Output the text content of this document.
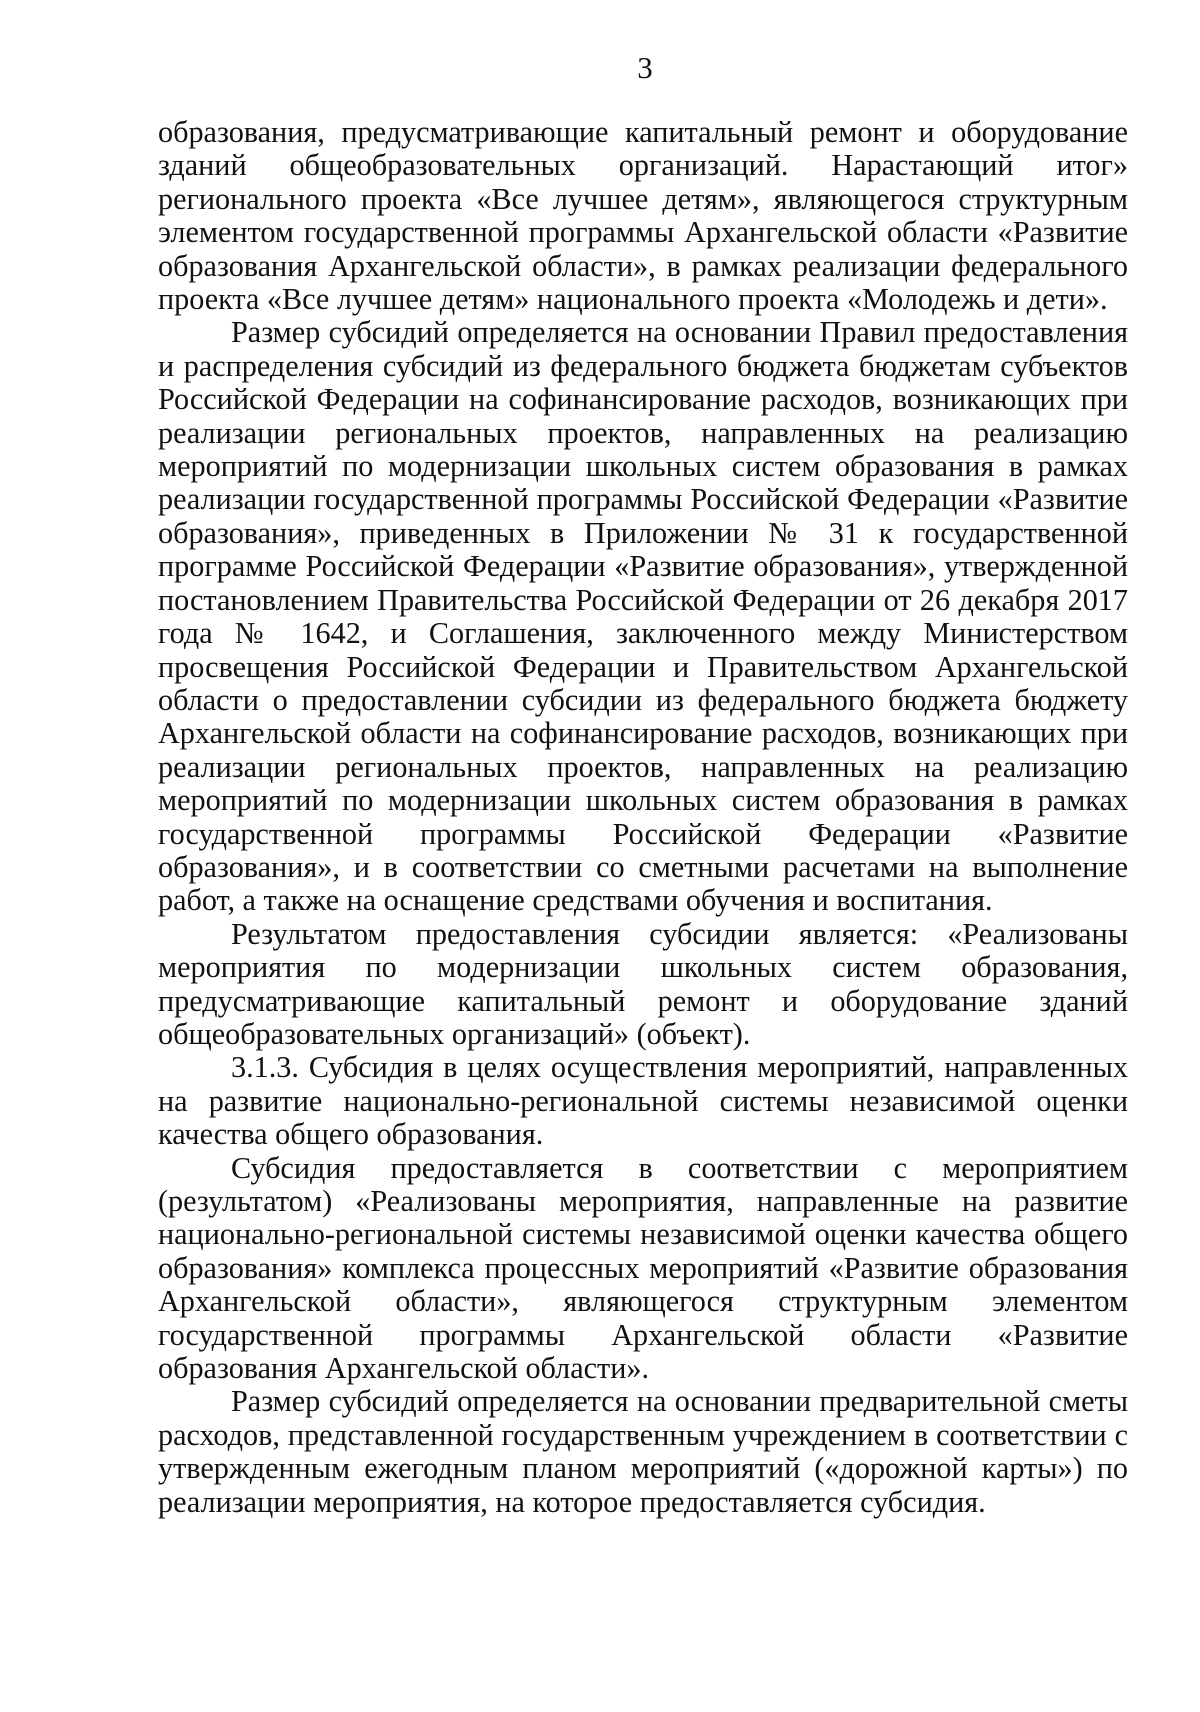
3

образования, предусматривающие капитальный ремонт и оборудование зданий общеобразовательных организаций. Нарастающий итог» регионального проекта «Все лучшее детям», являющегося структурным элементом государственной программы Архангельской области «Развитие образования Архангельской области», в рамках реализации федерального проекта «Все лучшее детям» национального проекта «Молодежь и дети».

Размер субсидий определяется на основании Правил предоставления и распределения субсидий из федерального бюджета бюджетам субъектов Российской Федерации на софинансирование расходов, возникающих при реализации региональных проектов, направленных на реализацию мероприятий по модернизации школьных систем образования в рамках реализации государственной программы Российской Федерации «Развитие образования», приведенных в Приложении № 31 к государственной программе Российской Федерации «Развитие образования», утвержденной постановлением Правительства Российской Федерации от 26 декабря 2017 года № 1642, и Соглашения, заключенного между Министерством просвещения Российской Федерации и Правительством Архангельской области о предоставлении субсидии из федерального бюджета бюджету Архангельской области на софинансирование расходов, возникающих при реализации региональных проектов, направленных на реализацию мероприятий по модернизации школьных систем образования в рамках государственной программы Российской Федерации «Развитие образования», и в соответствии со сметными расчетами на выполнение работ, а также на оснащение средствами обучения и воспитания.

Результатом предоставления субсидии является: «Реализованы мероприятия по модернизации школьных систем образования, предусматривающие капитальный ремонт и оборудование зданий общеобразовательных организаций» (объект).

3.1.3. Субсидия в целях осуществления мероприятий, направленных на развитие национально-региональной системы независимой оценки качества общего образования.

Субсидия предоставляется в соответствии с мероприятием (результатом) «Реализованы мероприятия, направленные на развитие национально-региональной системы независимой оценки качества общего образования» комплекса процессных мероприятий «Развитие образования Архангельской области», являющегося структурным элементом государственной программы Архангельской области «Развитие образования Архангельской области».

Размер субсидий определяется на основании предварительной сметы расходов, представленной государственным учреждением в соответствии с утвержденным ежегодным планом мероприятий («дорожной карты») по реализации мероприятия, на которое предоставляется субсидия.
